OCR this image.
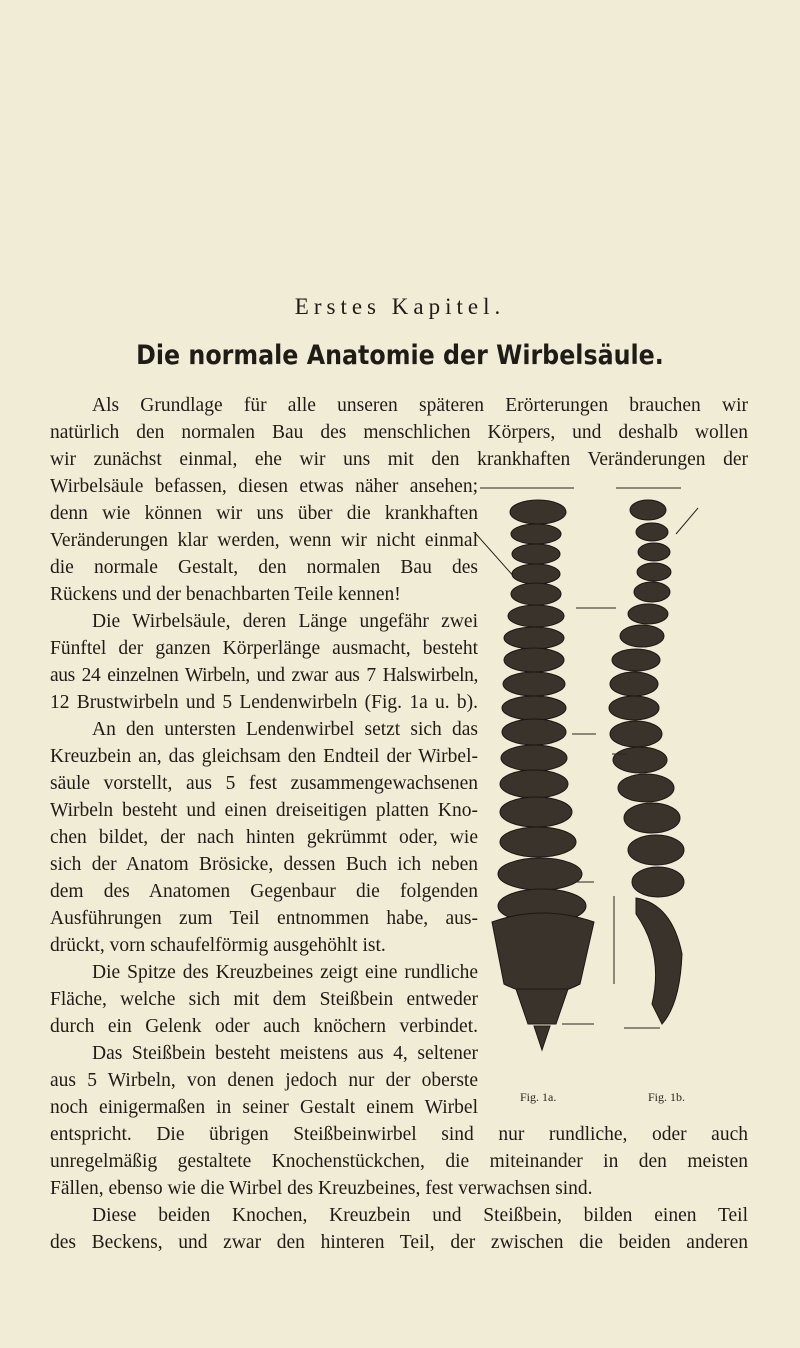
Erstes Kapitel.
Die normale Anatomie der Wirbelsäule.
Als Grundlage für alle unseren späteren Erörterungen brauchen wir
natürlich den normalen Bau des menschlichen Körpers, und deshalb wollen
wir zunächst einmal, ehe wir uns mit den krankhaften Veränderungen der
Wirbelsäule befassen, diesen etwas näher ansehen;
denn wie können wir uns über die krankhaften
Veränderungen klar werden, wenn wir nicht einmal
die normale Gestalt, den normalen Bau des
Rückens und der benachbarten Teile kennen!
Die Wirbelsäule, deren Länge ungefähr zwei
Fünftel der ganzen Körperlänge ausmacht, besteht
aus 24 einzelnen Wirbeln, und zwar aus 7 Halswirbeln,
12 Brustwirbeln und 5 Lendenwirbeln (Fig. 1a u. b).
An den untersten Lendenwirbel setzt sich das
Kreuzbein an, das gleichsam den Endteil der Wirbel-
säule vorstellt, aus 5 fest zusammengewachsenen
Wirbeln besteht und einen dreiseitigen platten Kno-
chen bildet, der nach hinten gekrümmt oder, wie
sich der Anatom Brösicke, dessen Buch ich neben
dem des Anatomen Gegenbaur die folgenden
Ausführungen zum Teil entnommen habe, aus-
drückt, vorn schaufelförmig ausgehöhlt ist.
Die Spitze des Kreuzbeines zeigt eine rundliche
Fläche, welche sich mit dem Steißbein entweder
durch ein Gelenk oder auch knöchern verbindet.
Das Steißbein besteht meistens aus 4, seltener
aus 5 Wirbeln, von denen jedoch nur der oberste
noch einigermaßen in seiner Gestalt einem Wirbel
entspricht. Die übrigen Steißbeinwirbel sind nur rundliche, oder auch
unregelmäßig gestaltete Knochenstückchen, die miteinander in den meisten
Fällen, ebenso wie die Wirbel des Kreuzbeines, fest verwachsen sind.
Diese beiden Knochen, Kreuzbein und Steißbein, bilden einen Teil
des Beckens, und zwar den hinteren Teil, der zwischen die beiden anderen
Fig. 1a.	Fig. 1b.
